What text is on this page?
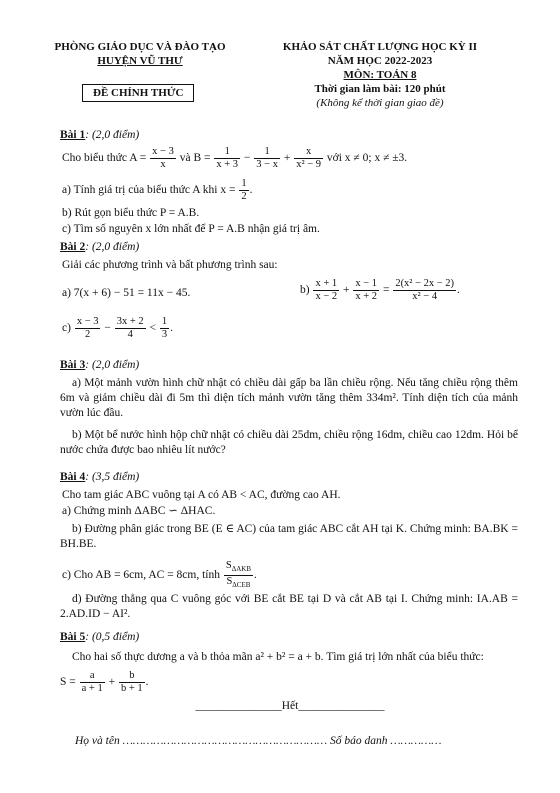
PHÒNG GIÁO DỤC VÀ ĐÀO TẠO
HUYỆN VŨ THƯ
ĐỀ CHÍNH THỨC
KHẢO SÁT CHẤT LƯỢNG HỌC KỲ II
NĂM HỌC 2022-2023
MÔN: TOÁN 8
Thời gian làm bài: 120 phút
(Không kể thời gian giao đề)
Bài 1: (2,0 điểm)
Cho biểu thức $A = \frac{x - 3}{x}$ và $B = \frac{1}{x + 3} - \frac{1}{3 - x} + \frac{x}{\text{x² − 9}}$ với x ≠ 0; x ≠ ±3.
a) Tính giá trị của biểu thức A khi $x = \frac{1}{2}$ .
b) Rút gọn biểu thức P = A.B.
c) Tìm số nguyên x lớn nhất để P = A.B nhận giá trị âm.
Bài 2: (2,0 điểm)
Giải các phương trình và bất phương trình sau:
a) 7(x + 6) − 51 = 11x − 45.	$b) \frac{x + 1}{x - 2} + \frac{x - 1}{x + 2} = \frac{\text{2(x² − 2x − 2)}}{\text{x² − 4}}$ .
$c) \frac{x - 3}{2} - \frac{3x + 2}{4} < \frac{1}{3}$ .
Bài 3: (2,0 điểm)
a) Một mảnh vườn hình chữ nhật có chiều dài gấp ba lần chiều rộng. Nếu tăng chiều rộng thêm 6m và giảm chiều dài đi 5m thì diện tích mảnh vườn tăng thêm 334m². Tính diện tích của mảnh vườn lúc đầu.
b) Một bể nước hình hộp chữ nhật có chiều dài 25dm, chiều rộng 16dm, chiều cao 12dm. Hỏi bể nước chứa được bao nhiêu lít nước?
Bài 4: (3,5 điểm)
Cho tam giác ABC vuông tại A có AB < AC, đường cao AH.
a) Chứng minh ΔABC ∽ ΔHAC.
b) Đường phân giác trong BE (E ∈ AC) của tam giác ABC cắt AH tại K. Chứng minh: BA.BK = BH.BE.
c) Cho AB = 6cm, AC = 8cm, tính $\frac{S_{\Delta AKB}}{S_{\Delta CEB}}$ .
d) Đường thẳng qua C vuông góc với BE cắt BE tại D và cắt AB tại I. Chứng minh: IA.AB = 2.AD.ID − AI².
Bài 5: (0,5 điểm)
Cho hai số thực dương a và b thỏa mãn a² + b² = a + b. Tìm giá trị lớn nhất của biểu thức:
$S = \frac{a}{a + 1} + \frac{b}{b + 1}$ .
_______________Hết_______________
Họ và tên …………………………………………………… Số báo danh ……………
